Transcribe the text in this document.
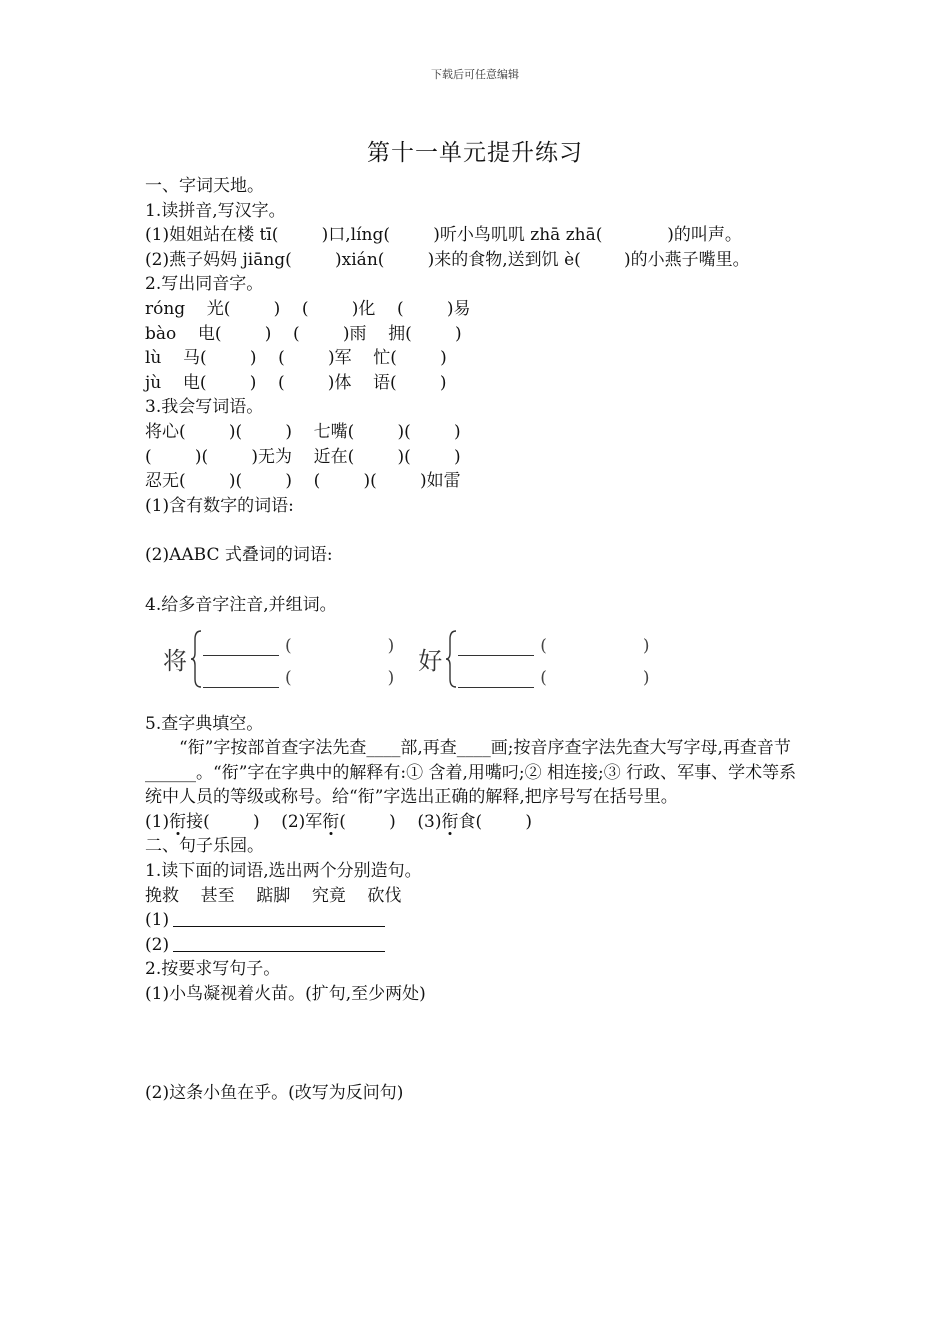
下载后可任意编辑
第十一单元提升练习
一、字词天地。
1.读拼音,写汉字。
(1)姐姐站在楼 tī(        )口,líng(        )听小鸟叽叽 zhā zhā(            )的叫声。
(2)燕子妈妈 jiāng(        )xián(        )来的食物,送到饥 è(        )的小燕子嘴里。
2.写出同音字。
róng    光(        )    (        )化    (        )易
bào    电(        )    (        )雨    拥(        )
lù    马(        )    (        )军    忙(        )
jù    电(        )    (        )体    语(        )
3.我会写词语。
将心(        )(        )    七嘴(        )(        )
(        )(        )无为    近在(        )(        )
忍无(        )(        )    (        )(        )如雷
(1)含有数字的词语:
(2)AABC 式叠词的词语:
4.给多音字注音,并组词。
将
(	)
(	)
好
(	)
(	)
5.查字典填空。
“衔”字按部首查字法先查____部,再查____画;按音序查字法先查大写字母,再查音节______。“衔”字在字典中的解释有:① 含着,用嘴叼;② 相连接;③ 行政、军事、学术等系统中人员的等级或称号。给“衔”字选出正确的解释,把序号写在括号里。
(1)衔接(        )    (2)军衔(        )    (3)衔食(        )
二、句子乐园。
1.读下面的词语,选出两个分别造句。
挽救    甚至    踮脚    究竟    砍伐
(1)
(2)
2.按要求写句子。
(1)小鸟凝视着火苗。(扩句,至少两处)
(2)这条小鱼在乎。(改写为反问句)
